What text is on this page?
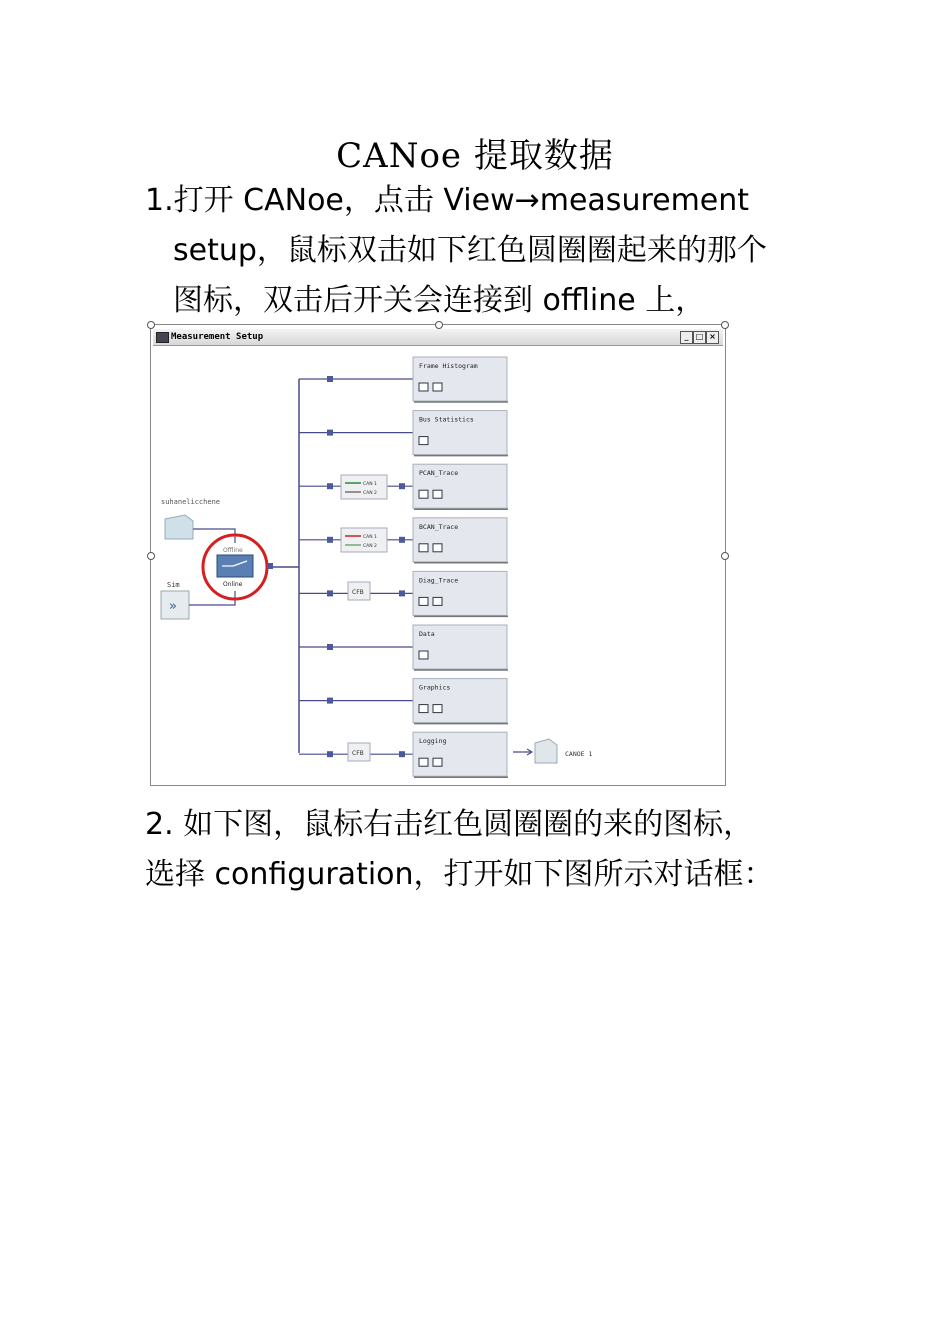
CANoe 提取数据
1.打开 CANoe，点击 View→measurement
setup，鼠标双击如下红色圆圈圈起来的那个
图标，双击后开关会连接到 offline 上，
Measurement Setup	_ □ ×
suhanelicchene
Sim
»
Offline
Online
CAN 1
CAN 2
CAN 1
CAN 2
CFB
CFB
Frame Histogram
Bus Statistics
PCAN_Trace
BCAN_Trace
Diag_Trace
Data
Graphics
Logging
CANOE 1
2. 如下图，鼠标右击红色圆圈圈的来的图标，
选择 configuration，打开如下图所示对话框：
